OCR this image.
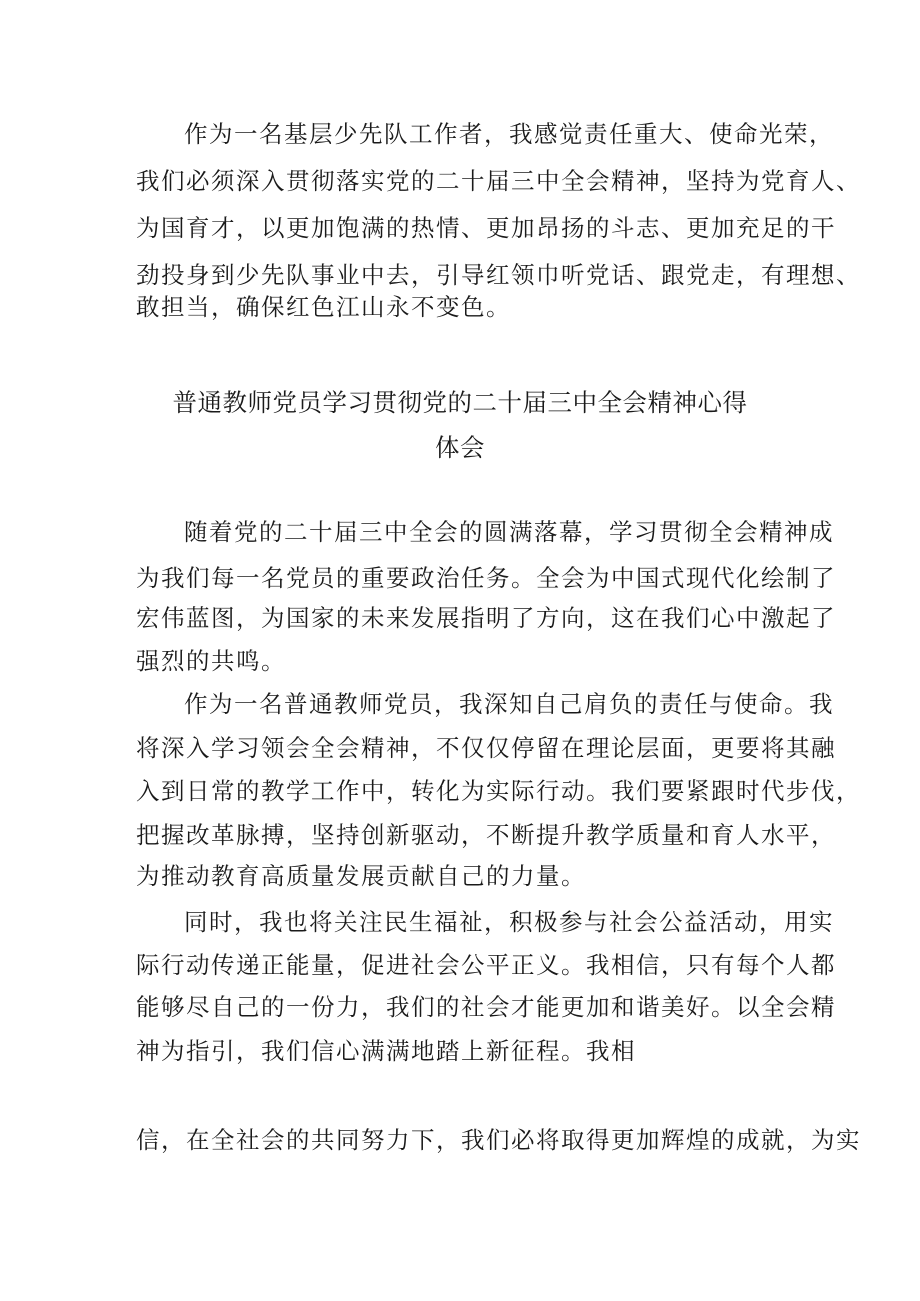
作为一名基层少先队工作者，我感觉责任重大、使命光荣，
我们必须深入贯彻落实党的二十届三中全会精神，坚持为党育人、
为国育才，以更加饱满的热情、更加昂扬的斗志、更加充足的干
劲投身到少先队事业中去，引导红领巾听党话、跟党走，有理想、
敢担当，确保红色江山永不变色。
普通教师党员学习贯彻党的二十届三中全会精神心得
体会
随着党的二十届三中全会的圆满落幕，学习贯彻全会精神成
为我们每一名党员的重要政治任务。全会为中国式现代化绘制了
宏伟蓝图，为国家的未来发展指明了方向，这在我们心中激起了
强烈的共鸣。
作为一名普通教师党员，我深知自己肩负的责任与使命。我
将深入学习领会全会精神，不仅仅停留在理论层面，更要将其融
入到日常的教学工作中，转化为实际行动。我们要紧跟时代步伐，
把握改革脉搏，坚持创新驱动，不断提升教学质量和育人水平，
为推动教育高质量发展贡献自己的力量。
同时，我也将关注民生福祉，积极参与社会公益活动，用实
际行动传递正能量，促进社会公平正义。我相信，只有每个人都
能够尽自己的一份力，我们的社会才能更加和谐美好。以全会精
神为指引，我们信心满满地踏上新征程。我相
信，在全社会的共同努力下，我们必将取得更加辉煌的成就，为实
